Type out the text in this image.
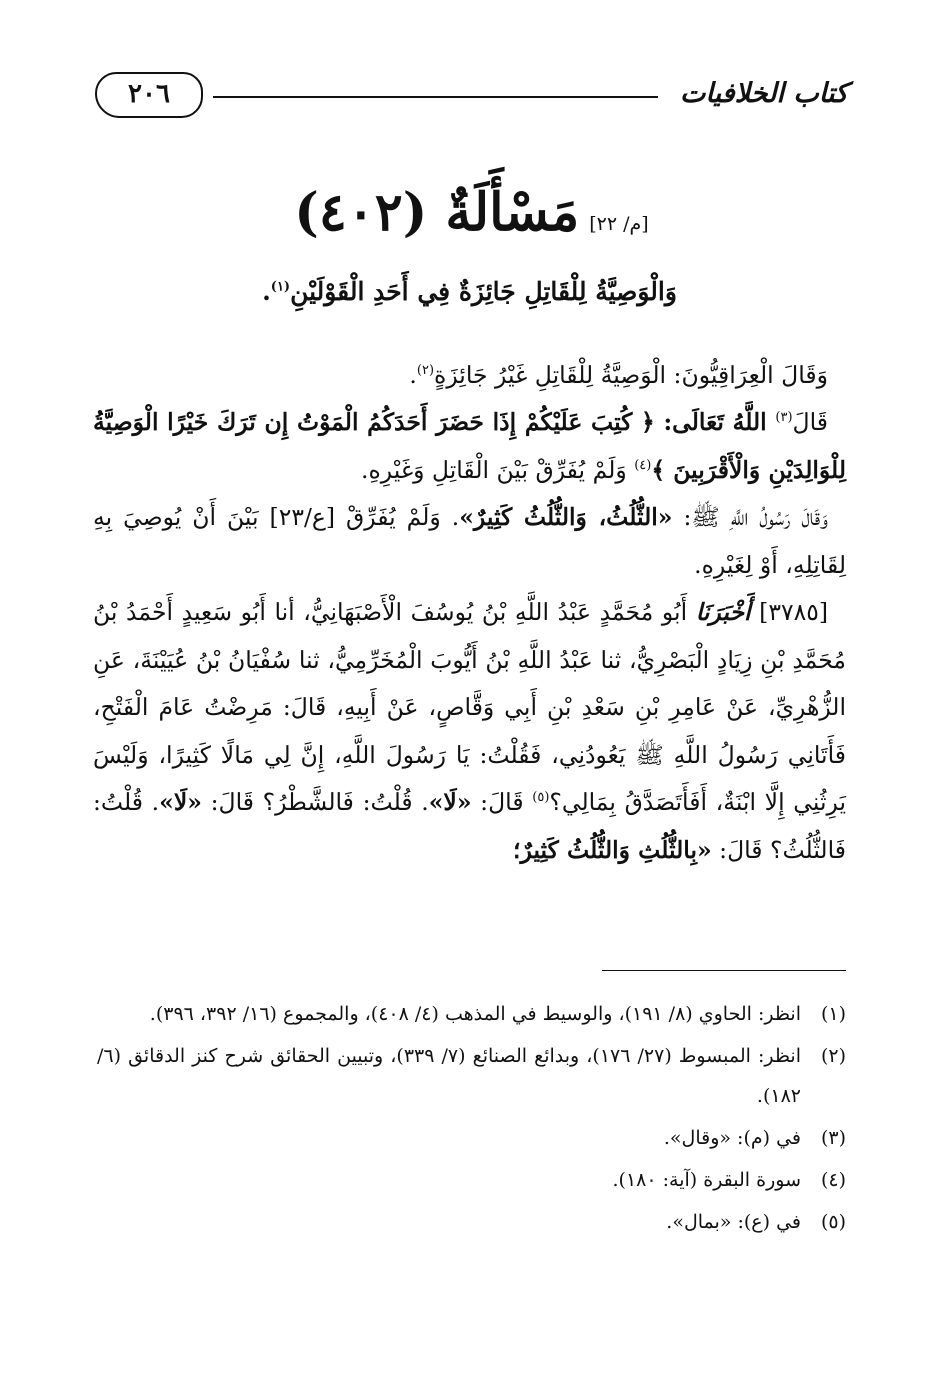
كتاب الخلافيات
٢٠٦
[م/ ٢٢]
مَسْأَلَةٌ (٤٠٢)

وَالْوَصِيَّةُ لِلْقَاتِلِ جَائِزَةٌ فِي أَحَدِ الْقَوْلَيْنِ$^{(١)}$.

وَقَالَ الْعِرَاقِيُّونَ: الْوَصِيَّةُ لِلْقَاتِلِ غَيْرُ جَائِزَةٍ$^{(٢)}$.

قَالَ$^{(٣)}$ اللَّهُ تَعَالَى: ﴿ كُتِبَ عَلَيْكُمْ إِذَا حَضَرَ أَحَدَكُمُ الْمَوْتُ إِن تَرَكَ خَيْرًا الْوَصِيَّةُ لِلْوَالِدَيْنِ وَالْأَقْرَبِينَ ﴾$^{(٤)}$ وَلَمْ يُفَرِّقْ بَيْنَ الْقَاتِلِ وَغَيْرِهِ.

وَقَالَ رَسُولُ اللَّهِ ﷺ: «الثُّلُثُ، وَالثُّلُثُ كَثِيرٌ». وَلَمْ يُفَرِّقْ [ع/٢٣] بَيْنَ أَنْ يُوصِيَ بِهِ لِقَاتِلِهِ، أَوْ لِغَيْرِهِ.

[٣٧٨٥] أَخْبَرَنَا أَبُو مُحَمَّدٍ عَبْدُ اللَّهِ بْنُ يُوسُفَ الْأَصْبَهَانِيُّ، أنا أَبُو سَعِيدٍ أَحْمَدُ بْنُ مُحَمَّدِ بْنِ زِيَادٍ الْبَصْرِيُّ، ثنا عَبْدُ اللَّهِ بْنُ أَيُّوبَ الْمُخَرِّمِيُّ، ثنا سُفْيَانُ بْنُ عُيَيْنَةَ، عَنِ الزُّهْرِيِّ، عَنْ عَامِرِ بْنِ سَعْدِ بْنِ أَبِي وَقَّاصٍ، عَنْ أَبِيهِ، قَالَ: مَرِضْتُ عَامَ الْفَتْحِ، فَأَتَانِي رَسُولُ اللَّهِ ﷺ يَعُودُنِي، فَقُلْتُ: يَا رَسُولَ اللَّهِ، إِنَّ لِي مَالًا كَثِيرًا، وَلَيْسَ يَرِثُنِي إِلَّا ابْنَةٌ، أَفَأَتَصَدَّقُ بِمَالِي؟$^{(٥)}$ قَالَ: «لَا». قُلْتُ: فَالشَّطْرُ؟ قَالَ: «لَا». قُلْتُ: فَالثُّلُثُ؟ قَالَ: «بِالثُّلُثِ وَالثُّلُثُ كَثِيرٌ؛

(١)
انظر: الحاوي (٨/ ١٩١)، والوسيط في المذهب (٤/ ٤٠٨)، والمجموع (١٦/ ٣٩٢، ٣٩٦).
(٢)
انظر: المبسوط (٢٧/ ١٧٦)، وبدائع الصنائع (٧/ ٣٣٩)، وتبيين الحقائق شرح كنز الدقائق (٦/ ١٨٢).
(٣)
في (م): «وقال».
(٤)
سورة البقرة (آية: ١٨٠).
(٥)
في (ع): «بمال».
